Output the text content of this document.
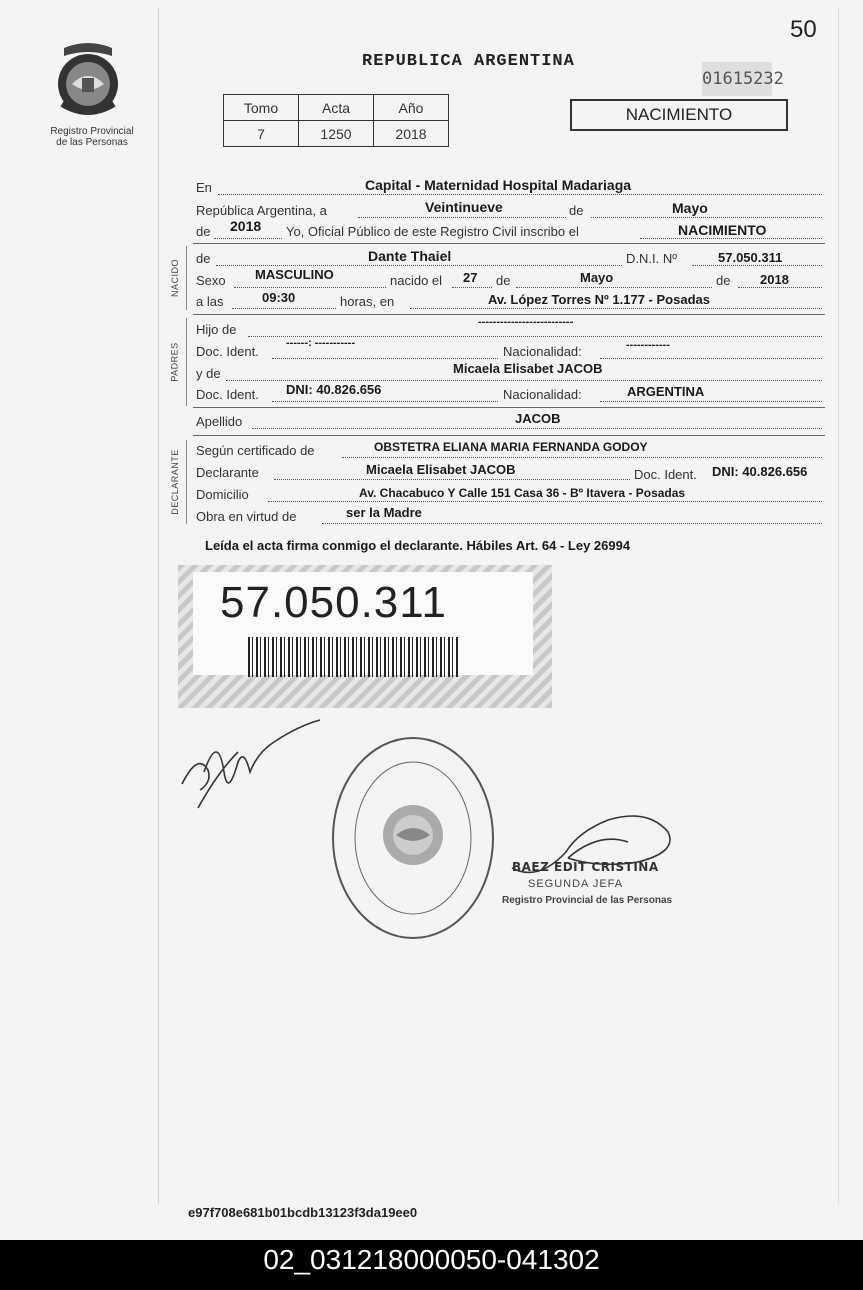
Registro Provincial
de las Personas
50
REPUBLICA ARGENTINA
01615232
Tomo	Acta	Año
7	1250	2018
NACIMIENTO
En	Capital - Maternidad Hospital Madariaga
República Argentina, a	Veintinueve	de	Mayo
de 2018 Yo, Oficial Público de este Registro Civil inscribo el	NACIMIENTO
NACIDO
de	Dante Thaiel	D.N.I. Nº	57.050.311
Sexo MASCULINO	nacido el 27 de	Mayo	de 2018
a las	09:30	horas, en	Av. López Torres Nº 1.177 - Posadas
PADRES
Hijo de	--------------------------
Doc. Ident.
------: -----------
Nacionalidad:	------------
y de	Micaela Elisabet JACOB
Doc. Ident. DNI: 40.826.656	Nacionalidad:	ARGENTINA
Apellido	JACOB
DECLARANTE Según certificado de	OBSTETRA ELIANA MARIA FERNANDA GODOY
Declarante	Micaela Elisabet JACOB	Doc. Ident. DNI: 40.826.656
Domicilio	Av. Chacabuco Y Calle 151 Casa 36 - Bº Itavera - Posadas
Obra en virtud de	ser la Madre
Leída el acta firma conmigo el declarante. Hábiles Art. 64 - Ley 26994
57.050.311
BAEZ EDIT CRISTINA
SEGUNDA JEFA
Registro Provincial de las Personas
e97f708e681b01bcdb13123f3da19ee0
02_031218000050-041302
